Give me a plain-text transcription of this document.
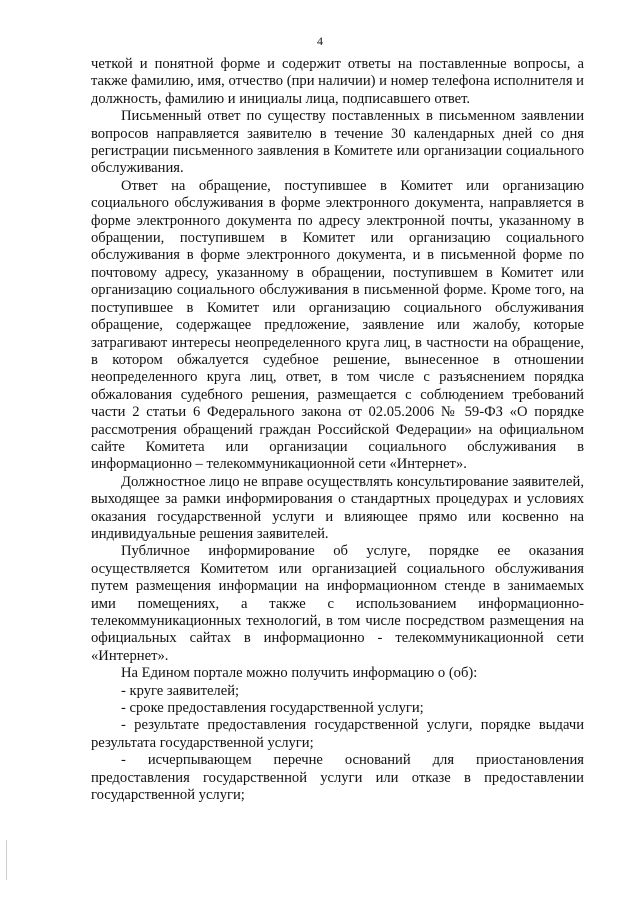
4

четкой и понятной форме и содержит ответы на поставленные вопросы, а также фамилию, имя, отчество (при наличии) и номер телефона исполнителя и должность, фамилию и инициалы лица, подписавшего ответ.

Письменный ответ по существу поставленных в письменном заявлении вопросов направляется заявителю в течение 30 календарных дней со дня регистрации письменного заявления в Комитете или организации социального обслуживания.

Ответ на обращение, поступившее в Комитет или организацию социального обслуживания в форме электронного документа, направляется в форме электронного документа по адресу электронной почты, указанному в обращении, поступившем в Комитет или организацию социального обслуживания в форме электронного документа, и в письменной форме по почтовому адресу, указанному в обращении, поступившем в Комитет или организацию социального обслуживания в письменной форме. Кроме того, на поступившее в Комитет или организацию социального обслуживания обращение, содержащее предложение, заявление или жалобу, которые затрагивают интересы неопределенного круга лиц, в частности на обращение, в котором обжалуется судебное решение, вынесенное в отношении неопределенного круга лиц, ответ, в том числе с разъяснением порядка обжалования судебного решения, размещается с соблюдением требований части 2 статьи 6 Федерального закона от 02.05.2006 № 59-ФЗ «О порядке рассмотрения обращений граждан Российской Федерации» на официальном сайте Комитета или организации социального обслуживания в информационно – телекоммуникационной сети «Интернет».

Должностное лицо не вправе осуществлять консультирование заявителей, выходящее за рамки информирования о стандартных процедурах и условиях оказания государственной услуги и влияющее прямо или косвенно на индивидуальные решения заявителей.

Публичное информирование об услуге, порядке ее оказания осуществляется Комитетом или организацией социального обслуживания путем размещения информации на информационном стенде в занимаемых ими помещениях, а также с использованием информационно-телекоммуникационных технологий, в том числе посредством размещения на официальных сайтах в информационно - телекоммуникационной сети «Интернет».

На Едином портале можно получить информацию о (об):

- круге заявителей;
- сроке предоставления государственной услуги;
- результате предоставления государственной услуги, порядке выдачи результата государственной услуги;
- исчерпывающем перечне оснований для приостановления предоставления государственной услуги или отказе в предоставлении государственной услуги;
